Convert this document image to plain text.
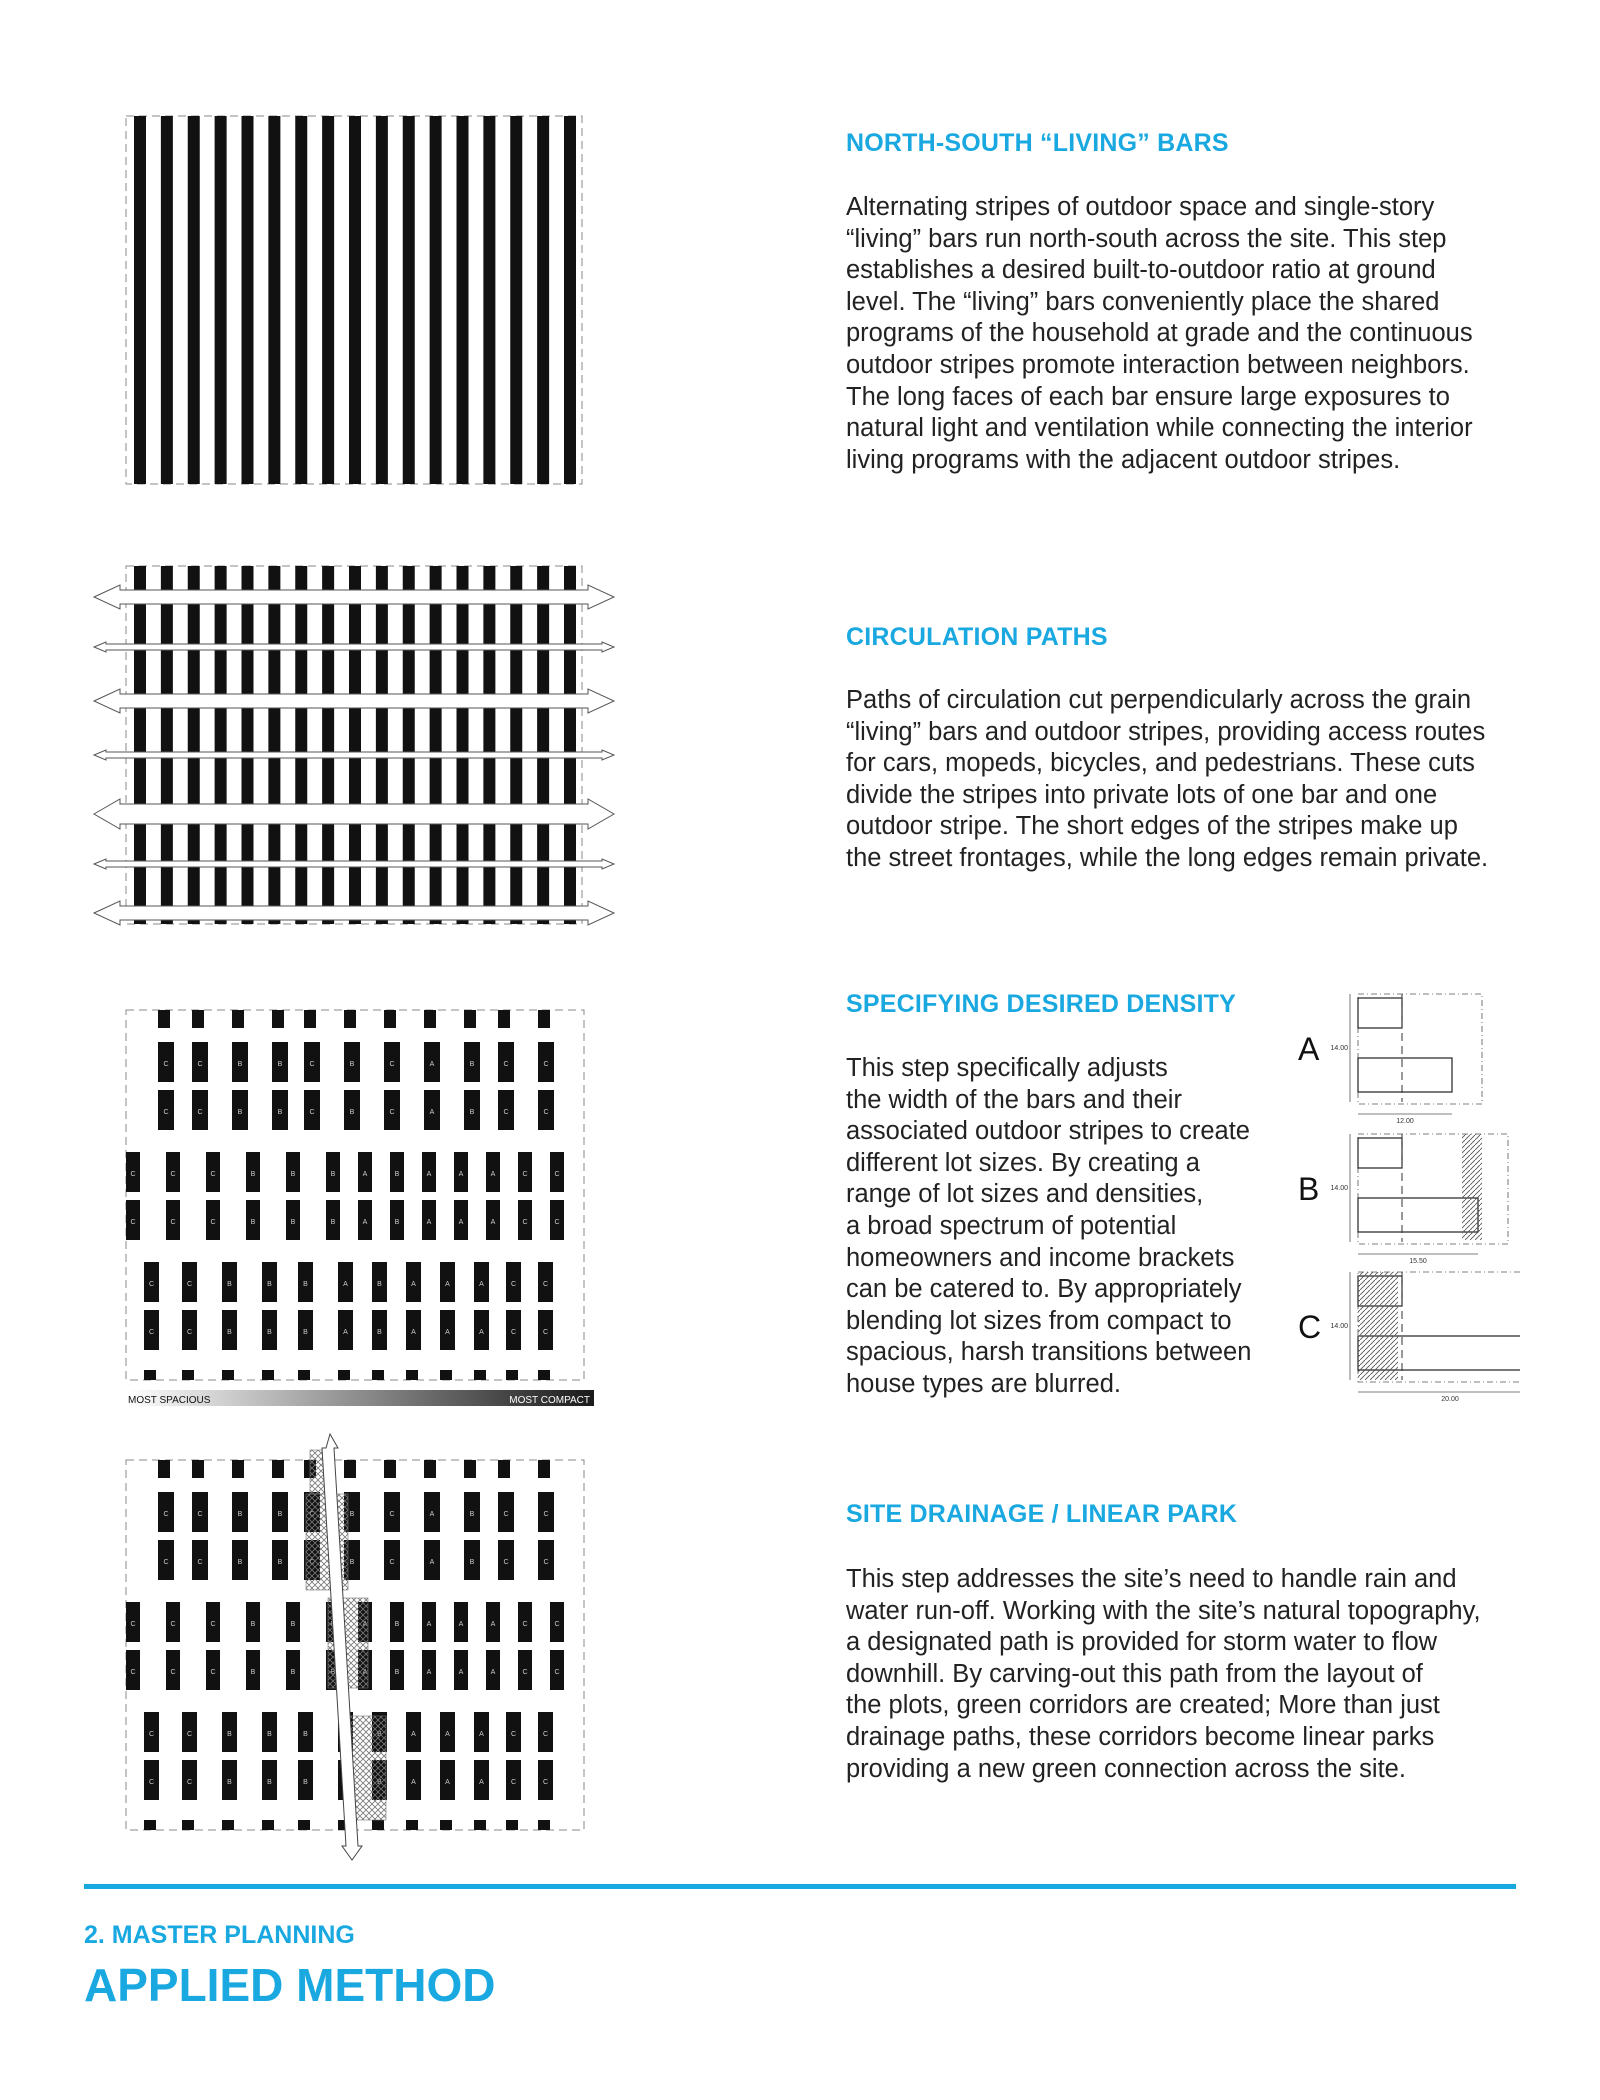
MOST SPACIOUS	MOST COMPACT
C
C
C
C
B
B
B
B
C
C
B
B
C
C
A
A
B
B
C
C
C
C
C
C
C
C
C
C
B
B
B
B
B
B
A
A
B
B
A
A
A
A
A
A
C
C
C
C
C
C
C
C
B
B
B
B
B
B
A
A
B
B
A
A
A
A
A
A
C
C
C
C
C
C
C
C
B
B
B
B
B
B
C
C
A
A
B
B
C
C
C
C
C
C
C
C
C
C
B
B
B
B
B
B
A
A
A
A
A
A
C
C
C
C
C
C
C
C
B
B
B
B
B
B
A
A
A
A
A
A
C
C
C
C
14.00
12.00
A
14.00
15.50
B
14.00
20.00
C
NORTH-SOUTH “LIVING” BARS

Alternating stripes of outdoor space and single-story
“living” bars run north-south across the site. This step
establishes a desired built-to-outdoor ratio at ground
level. The “living” bars conveniently place the shared
programs of the household at grade and the continuous
outdoor stripes promote interaction between neighbors.
The long faces of each bar ensure large exposures to
natural light and ventilation while connecting the interior
living programs with the adjacent outdoor stripes.

CIRCULATION PATHS

Paths of circulation cut perpendicularly across the grain
“living” bars and outdoor stripes, providing access routes
for cars, mopeds, bicycles, and pedestrians. These cuts
divide the stripes into private lots of one bar and one
outdoor stripe. The short edges of the stripes make up
the street frontages, while the long edges remain private.

SPECIFYING DESIRED DENSITY

This step specifically adjusts
the width of the bars and their
associated outdoor stripes to create
different lot sizes. By creating a
range of lot sizes and densities,
a broad spectrum of potential
homeowners and income brackets
can be catered to. By appropriately
blending lot sizes from compact to
spacious, harsh transitions between
house types are blurred.

SITE DRAINAGE / LINEAR PARK

This step addresses the site’s need to handle rain and
water run-off. Working with the site’s natural topography,
a designated path is provided for storm water to flow
downhill. By carving-out this path from the layout of
the plots, green corridors are created; More than just
drainage paths, these corridors become linear parks
providing a new green connection across the site.

2. MASTER PLANNING
APPLIED METHOD
